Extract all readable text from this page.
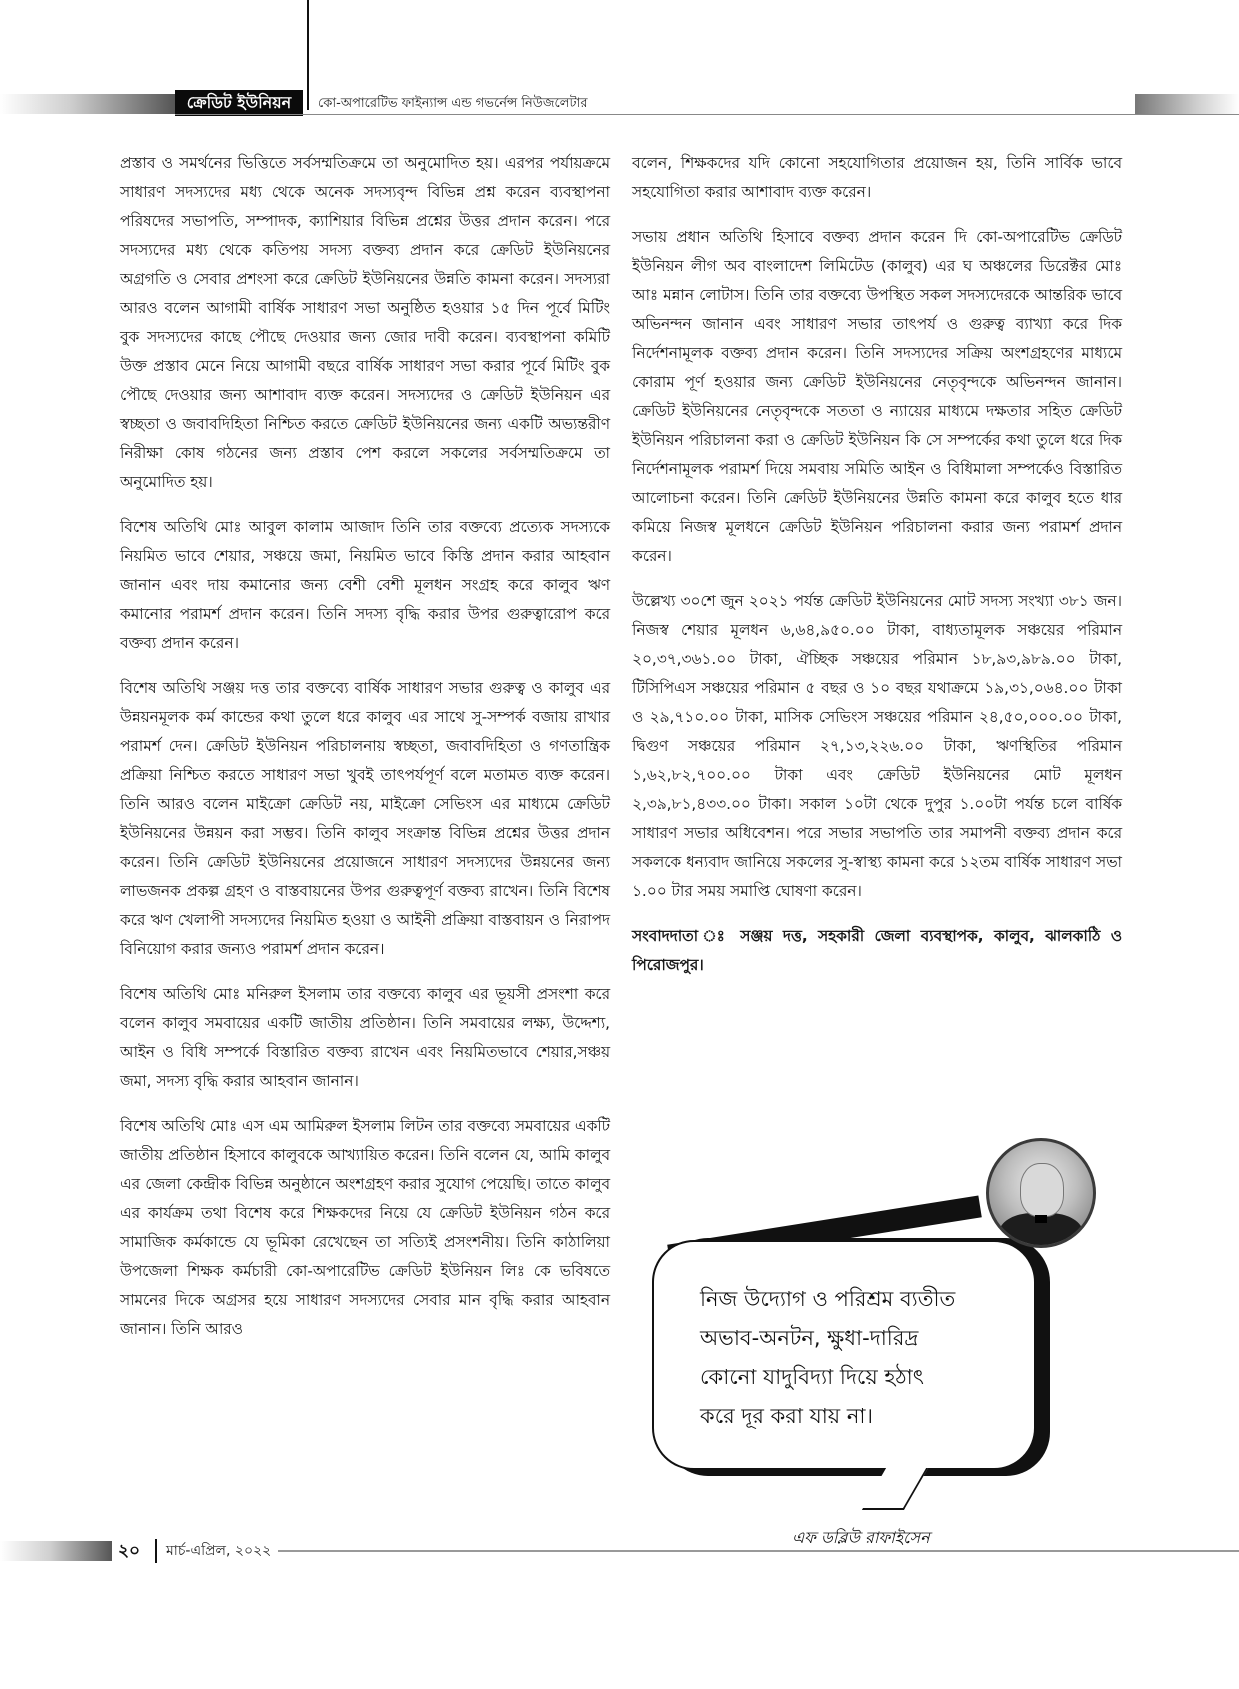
ক্রেডিট ইউনিয়ন	কো-অপারেটিভ ফাইন্যান্স এন্ড গভর্নেন্স নিউজলেটার

প্রস্তাব ও সমর্থনের ভিত্তিতে সর্বসম্মতিক্রমে তা অনুমোদিত হয়। এরপর পর্যায়ক্রমে সাধারণ সদস্যদের মধ্য থেকে অনেক সদস্যবৃন্দ বিভিন্ন প্রশ্ন করেন ব্যবস্থাপনা পরিষদের সভাপতি, সম্পাদক, ক্যাশিয়ার বিভিন্ন প্রশ্নের উত্তর প্রদান করেন। পরে সদস্যদের মধ্য থেকে কতিপয় সদস্য বক্তব্য প্রদান করে ক্রেডিট ইউনিয়নের অগ্রগতি ও সেবার প্রশংসা করে ক্রেডিট ইউনিয়নের উন্নতি কামনা করেন। সদস্যরা আরও বলেন আগামী বার্ষিক সাধারণ সভা অনুষ্ঠিত হওয়ার ১৫ দিন পূর্বে মিটিং বুক সদস্যদের কাছে পৌছে দেওয়ার জন্য জোর দাবী করেন। ব্যবস্থাপনা কমিটি উক্ত প্রস্তাব মেনে নিয়ে আগামী বছরে বার্ষিক সাধারণ সভা করার পূর্বে মিটিং বুক পৌছে দেওয়ার জন্য আশাবাদ ব্যক্ত করেন। সদস্যদের ও ক্রেডিট ইউনিয়ন এর স্বচ্ছতা ও জবাবদিহিতা নিশ্চিত করতে ক্রেডিট ইউনিয়নের জন্য একটি অভ্যন্তরীণ নিরীক্ষা কোষ গঠনের জন্য প্রস্তাব পেশ করলে সকলের সর্বসম্মতিক্রমে তা অনুমোদিত হয়।

বিশেষ অতিথি মোঃ আবুল কালাম আজাদ তিনি তার বক্তব্যে প্রত্যেক সদস্যকে নিয়মিত ভাবে শেয়ার, সঞ্চয়ে জমা, নিয়মিত ভাবে কিস্তি প্রদান করার আহবান জানান এবং দায় কমানোর জন্য বেশী বেশী মূলধন সংগ্রহ করে কালুব ঋণ কমানোর পরামর্শ প্রদান করেন। তিনি সদস্য বৃদ্ধি করার উপর গুরুত্বারোপ করে বক্তব্য প্রদান করেন।

বিশেষ অতিথি সঞ্জয় দত্ত তার বক্তব্যে বার্ষিক সাধারণ সভার গুরুত্ব ও কালুব এর উন্নয়নমূলক কর্ম কান্ডের কথা তুলে ধরে কালুব এর সাথে সু-সম্পর্ক বজায় রাখার পরামর্শ দেন। ক্রেডিট ইউনিয়ন পরিচালনায় স্বচ্ছতা, জবাবদিহিতা ও গণতান্ত্রিক প্রক্রিয়া নিশ্চিত করতে সাধারণ সভা খুবই তাৎপর্যপূর্ণ বলে মতামত ব্যক্ত করেন। তিনি আরও বলেন মাইক্রো ক্রেডিট নয়, মাইক্রো সেভিংস এর মাধ্যমে ক্রেডিট ইউনিয়নের উন্নয়ন করা সম্ভব। তিনি কালুব সংক্রান্ত বিভিন্ন প্রশ্নের উত্তর প্রদান করেন। তিনি ক্রেডিট ইউনিয়নের প্রয়োজনে সাধারণ সদস্যদের উন্নয়নের জন্য লাভজনক প্রকল্প গ্রহণ ও বাস্তবায়নের উপর গুরুত্বপূর্ণ বক্তব্য রাখেন। তিনি বিশেষ করে ঋণ খেলাপী সদস্যদের নিয়মিত হওয়া ও আইনী প্রক্রিয়া বাস্তবায়ন ও নিরাপদ বিনিয়োগ করার জন্যও পরামর্শ প্রদান করেন।

বিশেষ অতিথি মোঃ মনিরুল ইসলাম তার বক্তব্যে কালুব এর ভূয়সী প্রসংশা করে বলেন কালুব সমবায়ের একটি জাতীয় প্রতিষ্ঠান। তিনি সমবায়ের লক্ষ্য, উদ্দেশ্য, আইন ও বিধি সম্পর্কে বিস্তারিত বক্তব্য রাখেন এবং নিয়মিতভাবে শেয়ার,সঞ্চয় জমা, সদস্য বৃদ্ধি করার আহবান জানান।

বিশেষ অতিথি মোঃ এস এম আমিরুল ইসলাম লিটন তার বক্তব্যে সমবায়ের একটি জাতীয় প্রতিষ্ঠান হিসাবে কালুবকে আখ্যায়িত করেন। তিনি বলেন যে, আমি কালুব এর জেলা কেন্দ্রীক বিভিন্ন অনুষ্ঠানে অংশগ্রহণ করার সুযোগ পেয়েছি। তাতে কালুব এর কার্যক্রম তথা বিশেষ করে শিক্ষকদের নিয়ে যে ক্রেডিট ইউনিয়ন গঠন করে সামাজিক কর্মকান্ডে যে ভূমিকা রেখেছেন তা সত্যিই প্রসংশনীয়। তিনি কাঠালিয়া উপজেলা শিক্ষক কর্মচারী কো-অপারেটিভ ক্রেডিট ইউনিয়ন লিঃ কে ভবিষতে সামনের দিকে অগ্রসর হয়ে সাধারণ সদস্যদের সেবার মান বৃদ্ধি করার আহবান জানান। তিনি আরও

বলেন, শিক্ষকদের যদি কোনো সহযোগিতার প্রয়োজন হয়, তিনি সার্বিক ভাবে সহযোগিতা করার আশাবাদ ব্যক্ত করেন।

সভায় প্রধান অতিথি হিসাবে বক্তব্য প্রদান করেন দি কো-অপারেটিভ ক্রেডিট ইউনিয়ন লীগ অব বাংলাদেশ লিমিটেড (কালুব) এর ঘ অঞ্চলের ডিরেক্টর মোঃ আঃ মন্নান লোটাস। তিনি তার বক্তব্যে উপস্থিত সকল সদস্যদেরকে আন্তরিক ভাবে অভিনন্দন জানান এবং সাধারণ সভার তাৎপর্য ও গুরুত্ব ব্যাখ্যা করে দিক নির্দেশনামূলক বক্তব্য প্রদান করেন। তিনি সদস্যদের সক্রিয় অংশগ্রহণের মাধ্যমে কোরাম পূর্ণ হওয়ার জন্য ক্রেডিট ইউনিয়নের নেতৃবৃন্দকে অভিনন্দন জানান। ক্রেডিট ইউনিয়নের নেতৃবৃন্দকে সততা ও ন্যায়ের মাধ্যমে দক্ষতার সহিত ক্রেডিট ইউনিয়ন পরিচালনা করা ও ক্রেডিট ইউনিয়ন কি সে সম্পর্কের কথা তুলে ধরে দিক নির্দেশনামূলক পরামর্শ দিয়ে সমবায় সমিতি আইন ও বিধিমালা সম্পর্কেও বিস্তারিত আলোচনা করেন। তিনি ক্রেডিট ইউনিয়নের উন্নতি কামনা করে কালুব হতে ধার কমিয়ে নিজস্ব মূলধনে ক্রেডিট ইউনিয়ন পরিচালনা করার জন্য পরামর্শ প্রদান করেন।

উল্লেখ্য ৩০শে জুন ২০২১ পর্যন্ত ক্রেডিট ইউনিয়নের মোট সদস্য সংখ্যা ৩৮১ জন। নিজস্ব শেয়ার মূলধন ৬,৬৪,৯৫০.০০ টাকা, বাধ্যতামূলক সঞ্চয়ের পরিমান ২০,৩৭,৩৬১.০০ টাকা, ঐচ্ছিক সঞ্চয়ের পরিমান ১৮,৯৩,৯৮৯.০০ টাকা, টিসিপিএস সঞ্চয়ের পরিমান ৫ বছর ও ১০ বছর যথাক্রমে ১৯,৩১,০৬৪.০০ টাকা ও ২৯,৭১০.০০ টাকা, মাসিক সেভিংস সঞ্চয়ের পরিমান ২৪,৫০,০০০.০০ টাকা, দ্বিগুণ সঞ্চয়ের পরিমান ২৭,১৩,২২৬.০০ টাকা, ঋণস্থিতির পরিমান ১,৬২,৮২,৭০০.০০ টাকা এবং ক্রেডিট ইউনিয়নের মোট মূলধন ২,৩৯,৮১,৪৩৩.০০ টাকা। সকাল ১০টা থেকে দুপুর ১.০০টা পর্যন্ত চলে বার্ষিক সাধারণ সভার অধিবেশন। পরে সভার সভাপতি তার সমাপনী বক্তব্য প্রদান করে সকলকে ধন্যবাদ জানিয়ে সকলের সু-স্বাস্থ্য কামনা করে ১২তম বার্ষিক সাধারণ সভা ১.০০ টার সময় সমাপ্তি ঘোষণা করেন।

সংবাদদাতা ঃ সঞ্জয় দত্ত, সহকারী জেলা ব্যবস্থাপক, কালুব, ঝালকাঠি ও পিরোজপুর।

নিজ উদ্যোগ ও পরিশ্রম ব্যতীত
অভাব-অনটন, ক্ষুধা-দারিদ্র
কোনো যাদুবিদ্যা দিয়ে হঠাৎ
করে দূর করা যায় না।
এফ ডব্লিউ রাফাইসেন
২০ মার্চ-এপ্রিল, ২০২২
